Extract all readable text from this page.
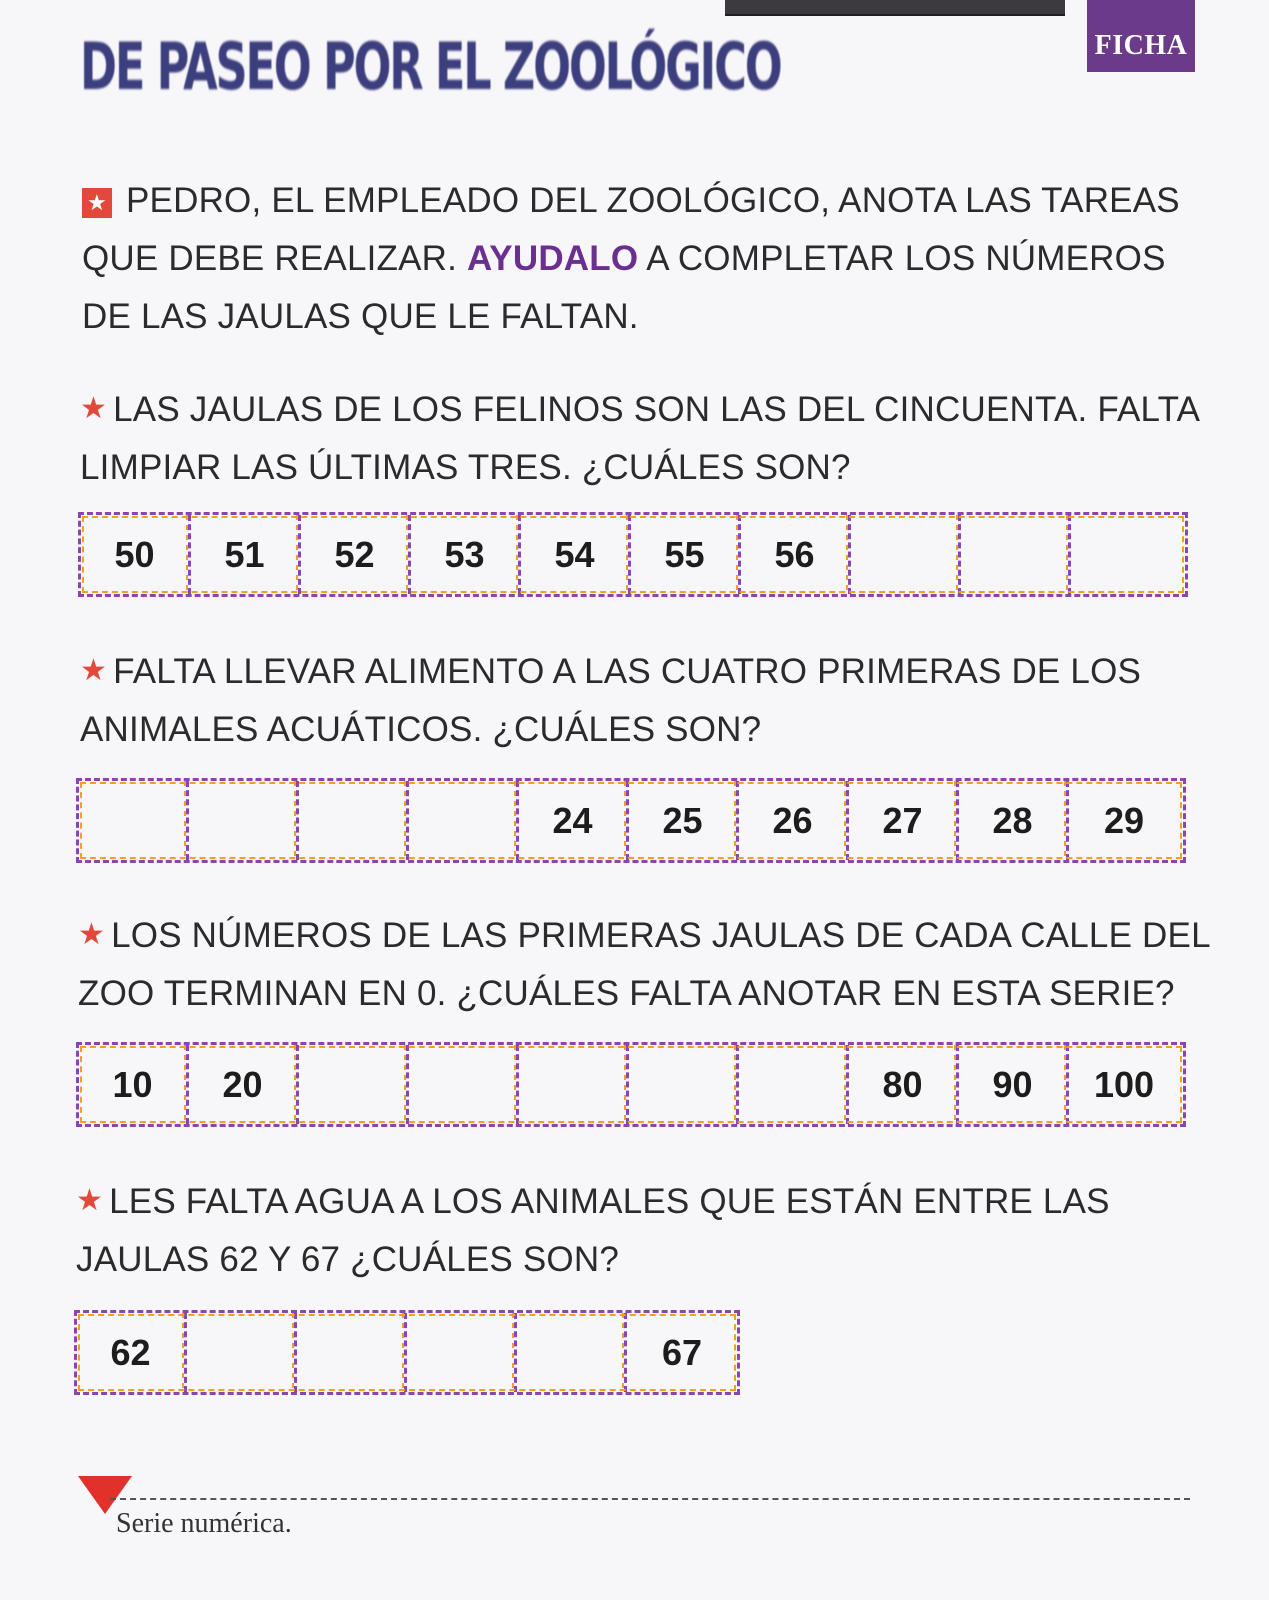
FICHA
DE PASEO POR EL ZOOLÓGICO

★ PEDRO, EL EMPLEADO DEL ZOOLÓGICO, ANOTA LAS TAREAS

QUE DEBE REALIZAR. AYUDALO A COMPLETAR LOS NÚMEROS

DE LAS JAULAS QUE LE FALTAN.

★ LAS JAULAS DE LOS FELINOS SON LAS DEL CINCUENTA. FALTA

LIMPIAR LAS ÚLTIMAS TRES. ¿CUÁLES SON?

50	51	52	53	54	55	56

★ FALTA LLEVAR ALIMENTO A LAS CUATRO PRIMERAS DE LOS

ANIMALES ACUÁTICOS. ¿CUÁLES SON?

24	25	26	27	28	29

★ LOS NÚMEROS DE LAS PRIMERAS JAULAS DE CADA CALLE DEL

ZOO TERMINAN EN 0. ¿CUÁLES FALTA ANOTAR EN ESTA SERIE?

10	20	80	90	100

★ LES FALTA AGUA A LOS ANIMALES QUE ESTÁN ENTRE LAS

JAULAS 62 Y 67 ¿CUÁLES SON?

62	67
Serie numérica.
